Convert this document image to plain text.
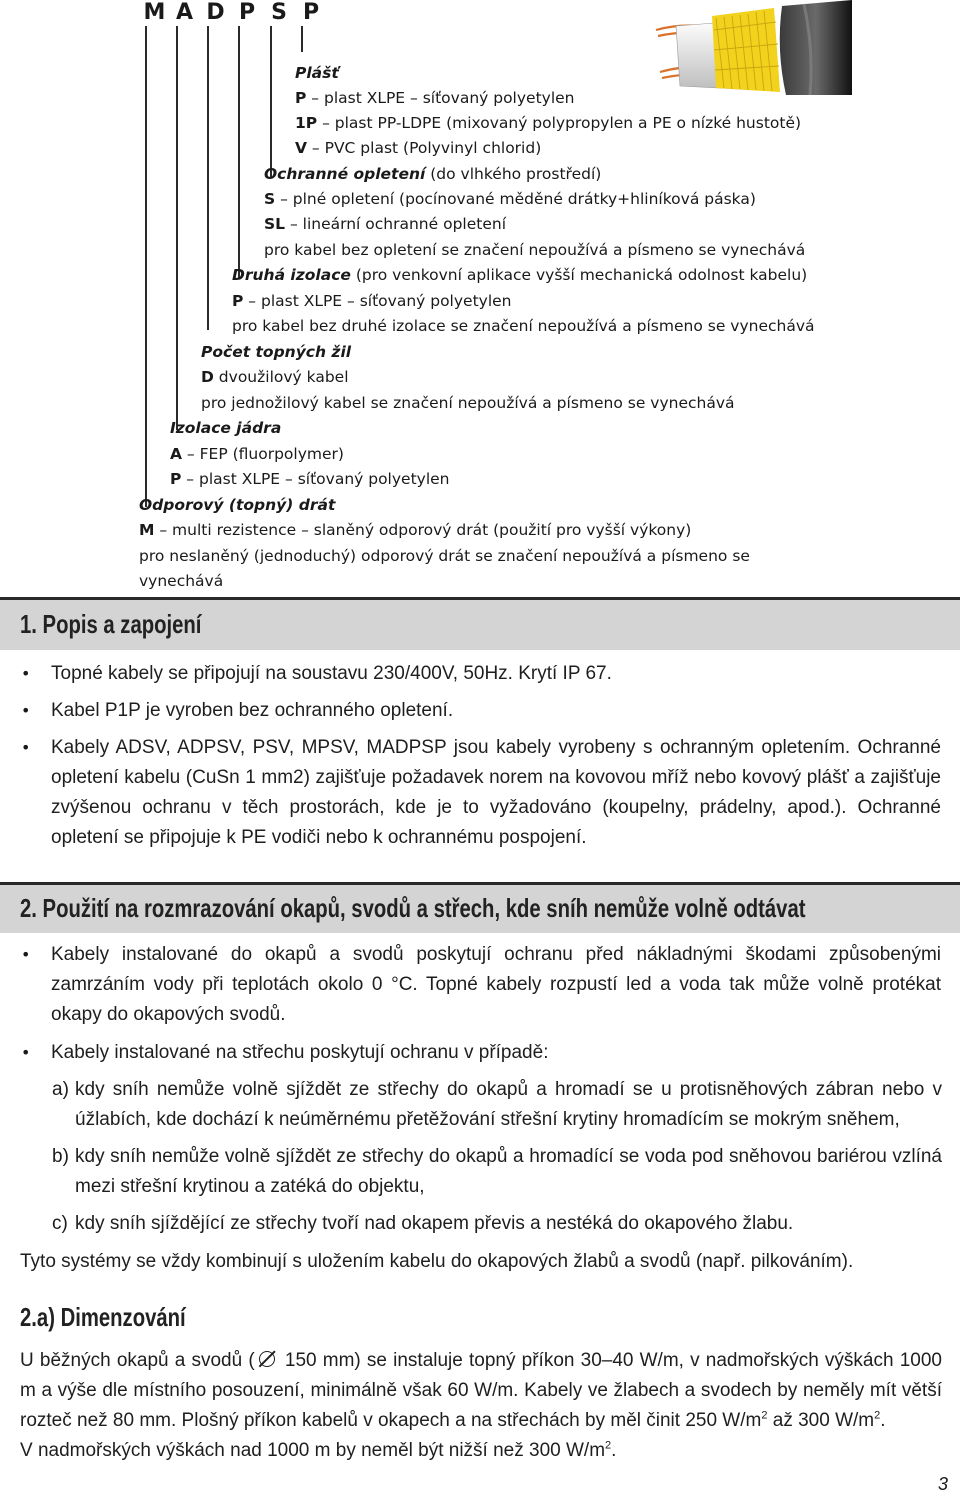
M A D P S P
Plášť
P – plast XLPE – síťovaný polyetylen
1P – plast PP-LDPE (mixovaný polypropylen a PE o nízké hustotě)
V – PVC plast (Polyvinyl chlorid)
Ochranné opletení (do vlhkého prostředí)
S – plné opletení (pocínované měděné drátky+hliníková páska)
SL – lineární ochranné opletení
pro kabel bez opletení se značení nepoužívá a písmeno se vynechává
Druhá izolace (pro venkovní aplikace vyšší mechanická odolnost kabelu)
P – plast XLPE – síťovaný polyetylen
pro kabel bez druhé izolace se značení nepoužívá a písmeno se vynechává
Počet topných žil
D dvoužilový kabel
pro jednožilový kabel se značení nepoužívá a písmeno se vynechává
Izolace jádra
A – FEP (fluorpolymer)
P – plast XLPE – síťovaný polyetylen
Odporový (topný) drát
M – multi rezistence – slaněný odporový drát (použití pro vyšší výkony)
pro neslaněný (jednoduchý) odporový drát se značení nepoužívá a písmeno se
vynechává
1. Popis a zapojení
• Topné kabely se připojují na soustavu 230/400V, 50Hz. Krytí IP 67.
• Kabel P1P je vyroben bez ochranného opletení.
• Kabely ADSV, ADPSV, PSV, MPSV, MADPSP jsou kabely vyrobeny s ochranným opletením. Ochranné opletení kabelu (CuSn 1 mm2) zajišťuje požadavek norem na kovovou mříž nebo kovový plášť a zajišťuje zvýšenou ochranu v těch prostorách, kde je to vyžadováno (koupelny, prádelny, apod.). Ochranné opletení se připojuje k PE vodiči nebo k ochrannému pospojení.
2. Použití na rozmrazování okapů, svodů a střech, kde sníh nemůže volně odtávat
• Kabely instalované do okapů a svodů poskytují ochranu před nákladnými škodami způsobenými zamrzáním vody při teplotách okolo 0 °C. Topné kabely rozpustí led a voda tak může volně protékat okapy do okapových svodů.
• Kabely instalované na střechu poskytují ochranu v případě:
a) kdy sníh nemůže volně sjíždět ze střechy do okapů a hromadí se u protisněhových zábran nebo v úžlabích, kde dochází k neúměrnému přetěžování střešní krytiny hromadícím se mokrým sněhem,
b) kdy sníh nemůže volně sjíždět ze střechy do okapů a hromadící se voda pod sněhovou bariérou vzlíná mezi střešní krytinou a zatéká do objektu,
c) kdy sníh sjíždějící ze střechy tvoří nad okapem převis a nestéká do okapového žlabu.
Tyto systémy se vždy kombinují s uložením kabelu do okapových žlabů a svodů (např. pilkováním).
2.a) Dimenzování
U běžných okapů a svodů ( 150 mm) se instaluje topný příkon 30–40 W/m, v nadmořských výškách 1000 m a výše dle místního posouzení, minimálně však 60 W/m. Kabely ve žlabech a svodech by neměly mít větší rozteč než 80 mm. Plošný příkon kabelů v okapech a na střechách by měl činit 250 $W/m^2$ až 300 $W/m^2$.
V nadmořských výškách nad 1000 m by neměl být nižší než 300 $W/m^2$.
3
